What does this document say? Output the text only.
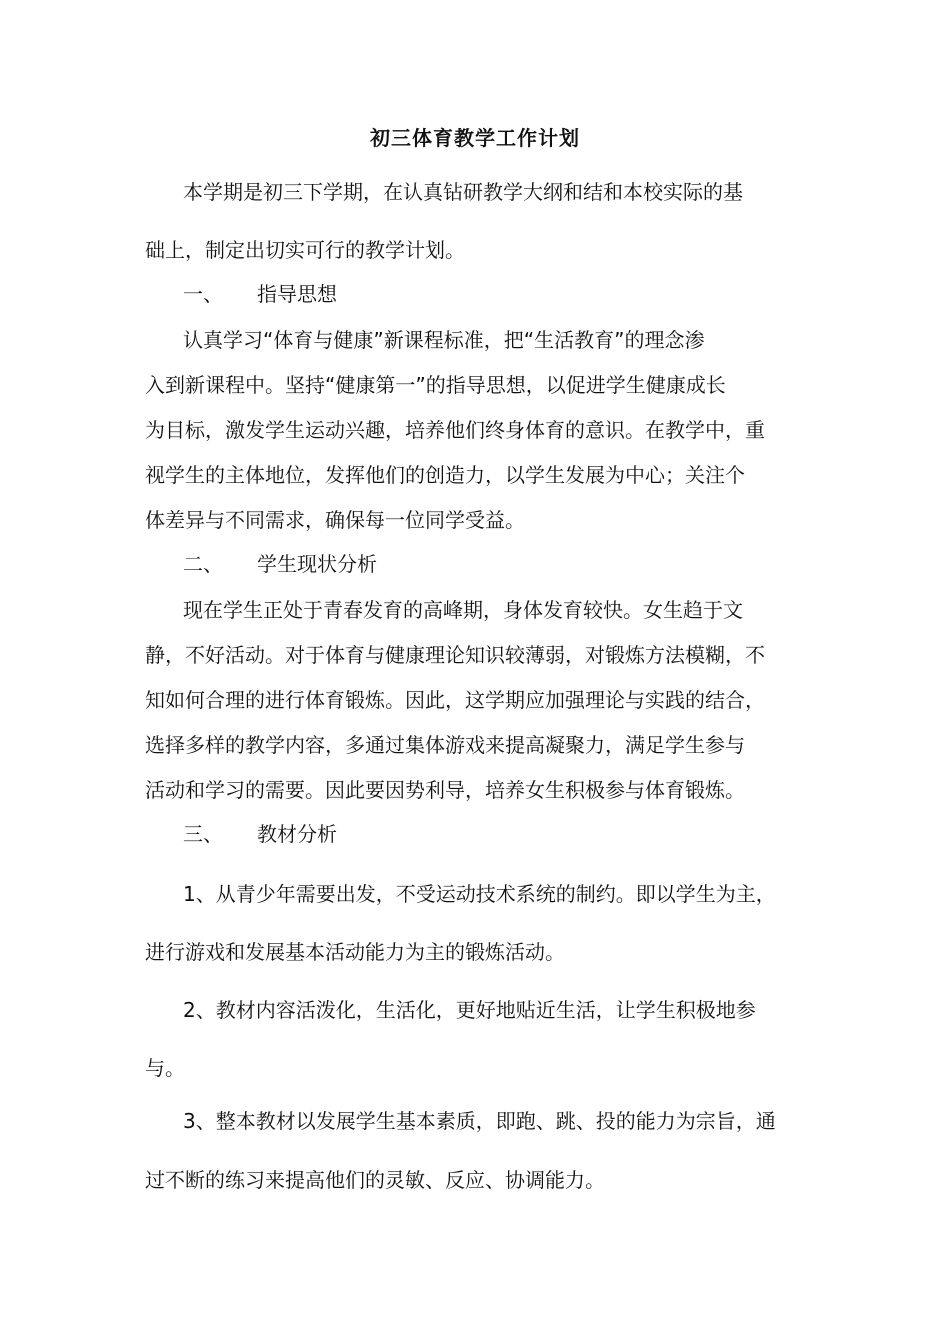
初三体育教学工作计划
本学期是初三下学期，在认真钻研教学大纲和结和本校实际的基
础上，制定出切实可行的教学计划。
一、 指导思想
认真学习“体育与健康”新课程标准，把“生活教育”的理念渗
入到新课程中。坚持“健康第一”的指导思想，以促进学生健康成长
为目标，激发学生运动兴趣，培养他们终身体育的意识。在教学中，重
视学生的主体地位，发挥他们的创造力，以学生发展为中心；关注个
体差异与不同需求，确保每一位同学受益。
二、 学生现状分析
现在学生正处于青春发育的高峰期，身体发育较快。女生趋于文
静，不好活动。对于体育与健康理论知识较薄弱，对锻炼方法模糊，不
知如何合理的进行体育锻炼。因此，这学期应加强理论与实践的结合，
选择多样的教学内容，多通过集体游戏来提高凝聚力，满足学生参与
活动和学习的需要。因此要因势利导，培养女生积极参与体育锻炼。
三、 教材分析
1、从青少年需要出发，不受运动技术系统的制约。即以学生为主，
进行游戏和发展基本活动能力为主的锻炼活动。
2、教材内容活泼化，生活化，更好地贴近生活，让学生积极地参
与。
3、整本教材以发展学生基本素质，即跑、跳、投的能力为宗旨，通
过不断的练习来提高他们的灵敏、反应、协调能力。
